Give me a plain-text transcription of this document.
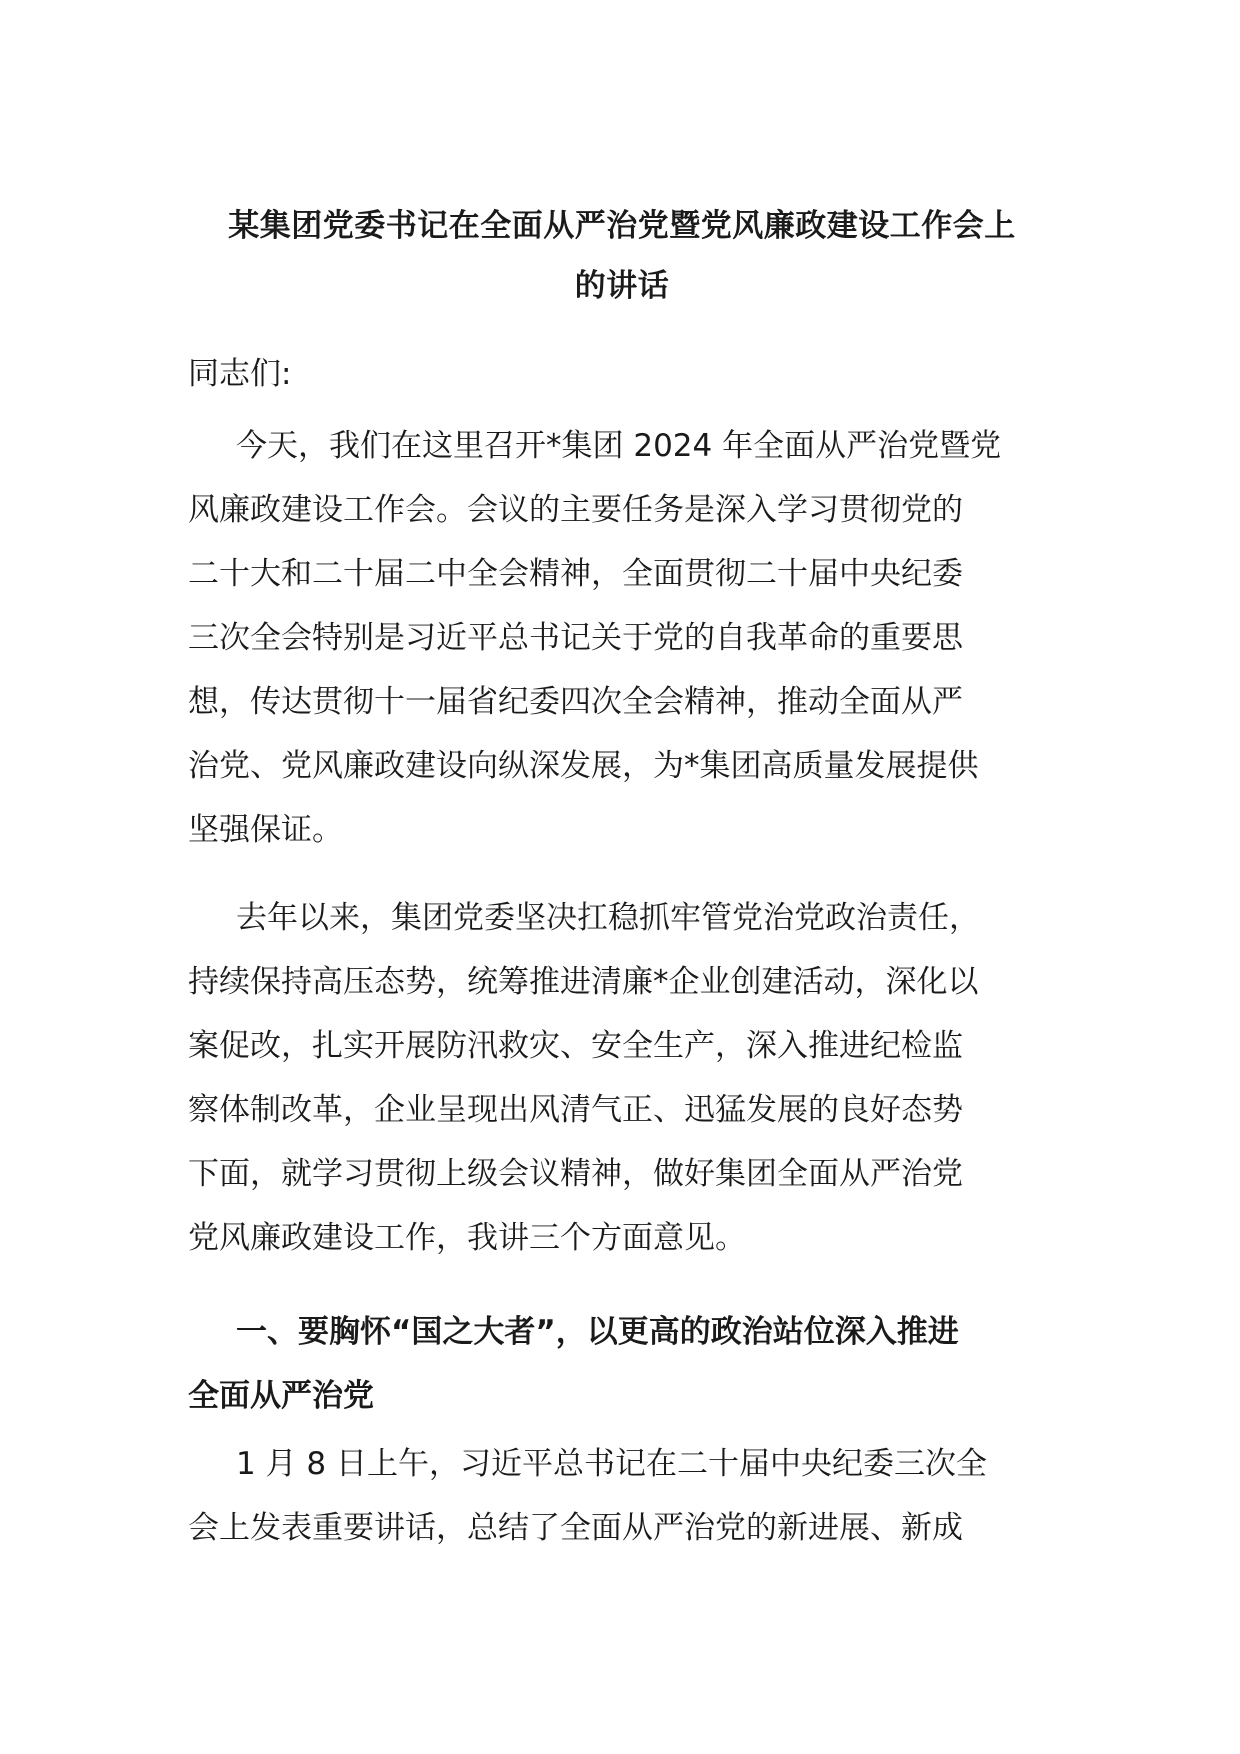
某集团党委书记在全面从严治党暨党风廉政建设工作会上
的讲话

同志们:

今天，我们在这里召开*集团 2024 年全面从严治党暨党
风廉政建设工作会。会议的主要任务是深入学习贯彻党的
二十大和二十届二中全会精神，全面贯彻二十届中央纪委
三次全会特别是习近平总书记关于党的自我革命的重要思
想，传达贯彻十一届省纪委四次全会精神，推动全面从严
治党、党风廉政建设向纵深发展，为*集团高质量发展提供
坚强保证。

去年以来，集团党委坚决扛稳抓牢管党治党政治责任，
持续保持高压态势，统筹推进清廉*企业创建活动，深化以
案促改，扎实开展防汛救灾、安全生产，深入推进纪检监
察体制改革，企业呈现出风清气正、迅猛发展的良好态势
下面，就学习贯彻上级会议精神，做好集团全面从严治党
党风廉政建设工作，我讲三个方面意见。

一、要胸怀“国之大者”，以更高的政治站位深入推进
全面从严治党

1 月 8 日上午，习近平总书记在二十届中央纪委三次全
会上发表重要讲话，总结了全面从严治党的新进展、新成
